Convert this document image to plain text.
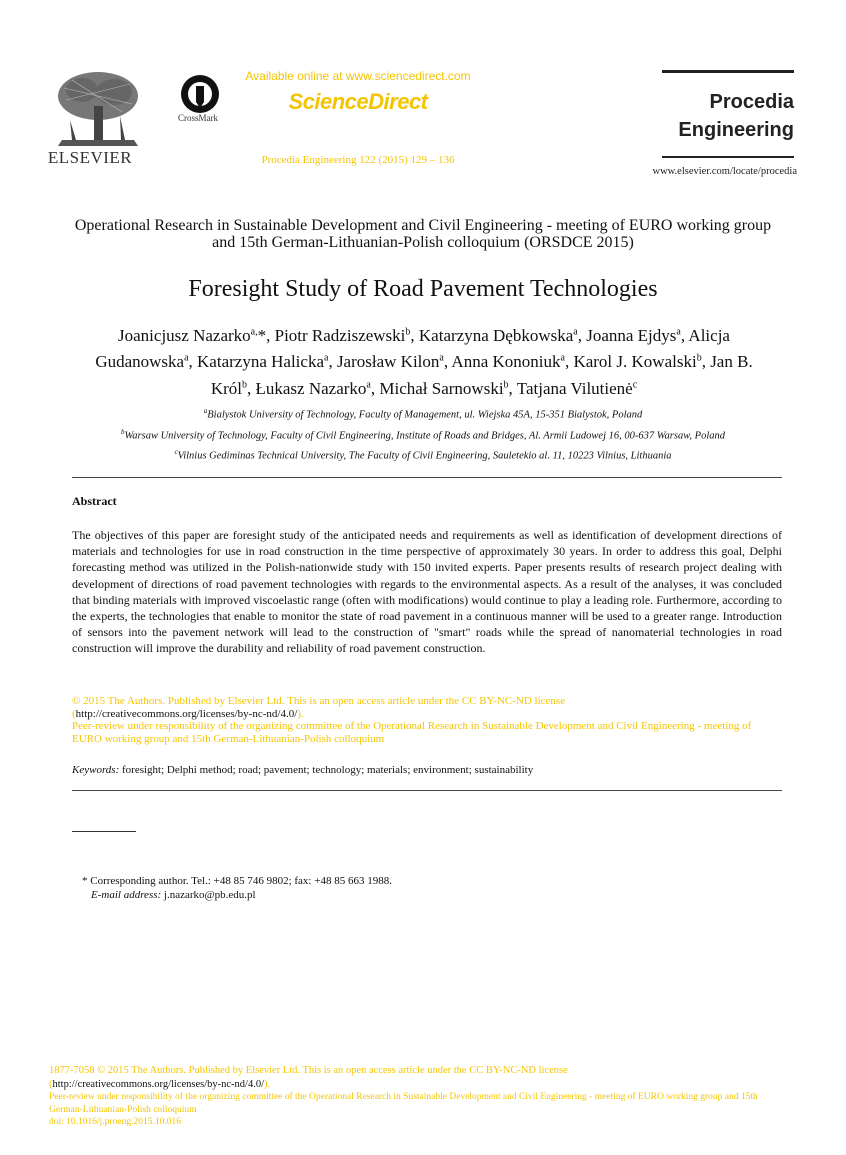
ELSEVIER
CrossMark
Available online at www.sciencedirect.com
ScienceDirect
Procedia Engineering 122 (2015) 129 – 136
Procedia
Engineering
www.elsevier.com/locate/procedia
Operational Research in Sustainable Development and Civil Engineering - meeting of EURO working group and 15th German-Lithuanian-Polish colloquium (ORSDCE 2015)
Foresight Study of Road Pavement Technologies
Joanicjusz Nazarko$^{a,}$*, Piotr Radziszewski$^b$, Katarzyna Dębkowska$^a$, Joanna Ejdys$^a$, Alicja Gudanowska$^a$, Katarzyna Halicka$^a$, Jarosław Kilon$^a$, Anna Kononiuk$^a$, Karol J. Kowalski$^b$, Jan B. Król$^b$, Łukasz Nazarko$^a$, Michał Sarnowski$^b$, Tatjana Vilutienė$^c$
$^a$Bialystok University of Technology, Faculty of Management, ul. Wiejska 45A, 15-351 Bialystok, Poland
$^b$Warsaw University of Technology, Faculty of Civil Engineering, Institute of Roads and Bridges, Al. Armii Ludowej 16, 00-637 Warsaw, Poland
$^c$Vilnius Gediminas Technical University, The Faculty of Civil Engineering, Sauletekio al. 11, 10223 Vilnius, Lithuania
Abstract
The objectives of this paper are foresight study of the anticipated needs and requirements as well as identification of development directions of materials and technologies for use in road construction in the time perspective of approximately 30 years. In order to address this goal, Delphi forecasting method was utilized in the Polish-nationwide study with 150 invited experts. Paper presents results of research project dealing with development of directions of road pavement technologies with regards to the environmental aspects. As a result of the analyses, it was concluded that binding materials with improved viscoelastic range (often with modifications) would continue to play a leading role. Furthermore, according to the experts, the technologies that enable to monitor the state of road pavement in a continuous manner will be used to a greater range. Introduction of sensors into the pavement network will lead to the construction of "smart" roads while the spread of nanomaterial technologies in road construction will improve the durability and reliability of road pavement construction.
© 2015 The Authors. Published by Elsevier Ltd. This is an open access article under the CC BY-NC-ND license
(http://creativecommons.org/licenses/by-nc-nd/4.0/).
Peer-review under responsibility of the organizing committee of the Operational Research in Sustainable Development and Civil Engineering - meeting of EURO working group and 15th German-Lithuanian-Polish colloquium
Keywords: foresight; Delphi method; road; pavement; technology; materials; environment; sustainability
* Corresponding author. Tel.: +48 85 746 9802; fax: +48 85 663 1988.
E-mail address: j.nazarko@pb.edu.pl
1877-7058 © 2015 The Authors. Published by Elsevier Ltd. This is an open access article under the CC BY-NC-ND license
(http://creativecommons.org/licenses/by-nc-nd/4.0/).
Peer-review under responsibility of the organizing committee of the Operational Research in Sustainable Development and Civil Engineering - meeting of EURO working group and 15th German-Lithuanian-Polish colloquium
doi: 10.1016/j.proeng.2015.10.016
